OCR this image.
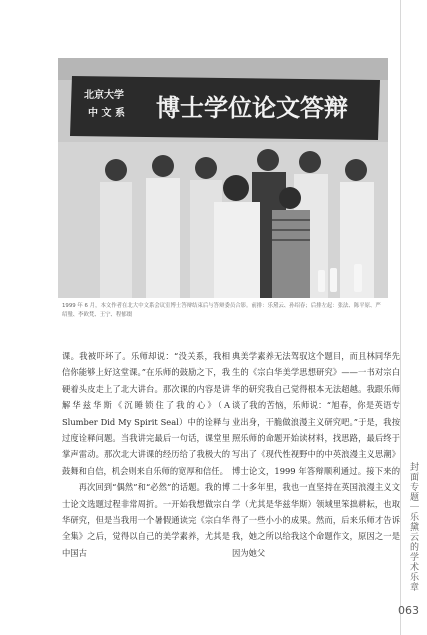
北京大学
中 文 系 博士学位论文答辩
1999 年 6 月，本文作者在北大中文系会议室博士答辩结束后与答辩委员合影。前排：乐黛云、孙绍春；后排左起：张法、陈平原、严绍璗、李欧梵、王宁、程郁缀

课。我被吓坏了。乐师却说：“没关系，我相信你能够上好这堂课。”在乐师的鼓励之下，我硬着头皮走上了北大讲台。那次课的内容是讲解华兹华斯《沉睡锁住了我的心》（A Slumber Did My Spirit Seal）中的诠释与过度诠释问题。当我讲完最后一句话，课堂里掌声雷动。那次北大讲课的经历给了我极大的鼓舞和自信，机会则来自乐师的宽厚和信任。

再次回到“偶然”和“必然”的话题。我的博士论文选题过程非常周折。一开始我想做宗白华研究，但是当我用一个暑假通读完《宗白华全集》之后，觉得以自己的美学素养，尤其是中国古

典美学素养无法驾驭这个题目，而且林同华先生的《宗白华美学思想研究》——一书对宗白华的研究我自己觉得根本无法超越。我跟乐师谈了我的苦恼，乐师说：“旭春，你是英语专业出身，干脆做浪漫主义研究吧。”于是，我按照乐师的命题开始读材料，找思路，最后终于写出了《现代性视野中的中英浪漫主义思潮》博士论文，1999 年答辩顺利通过。接下来的二十多年里，我也一直坚持在英国浪漫主义文学（尤其是华兹华斯）领域里笨拙耕耘，也取得了一些小小的成果。然而，后来乐师才告诉我，她之所以给我这个命题作文，原因之一是因为她父	封面专题｜乐黛云的学术乐章
063
